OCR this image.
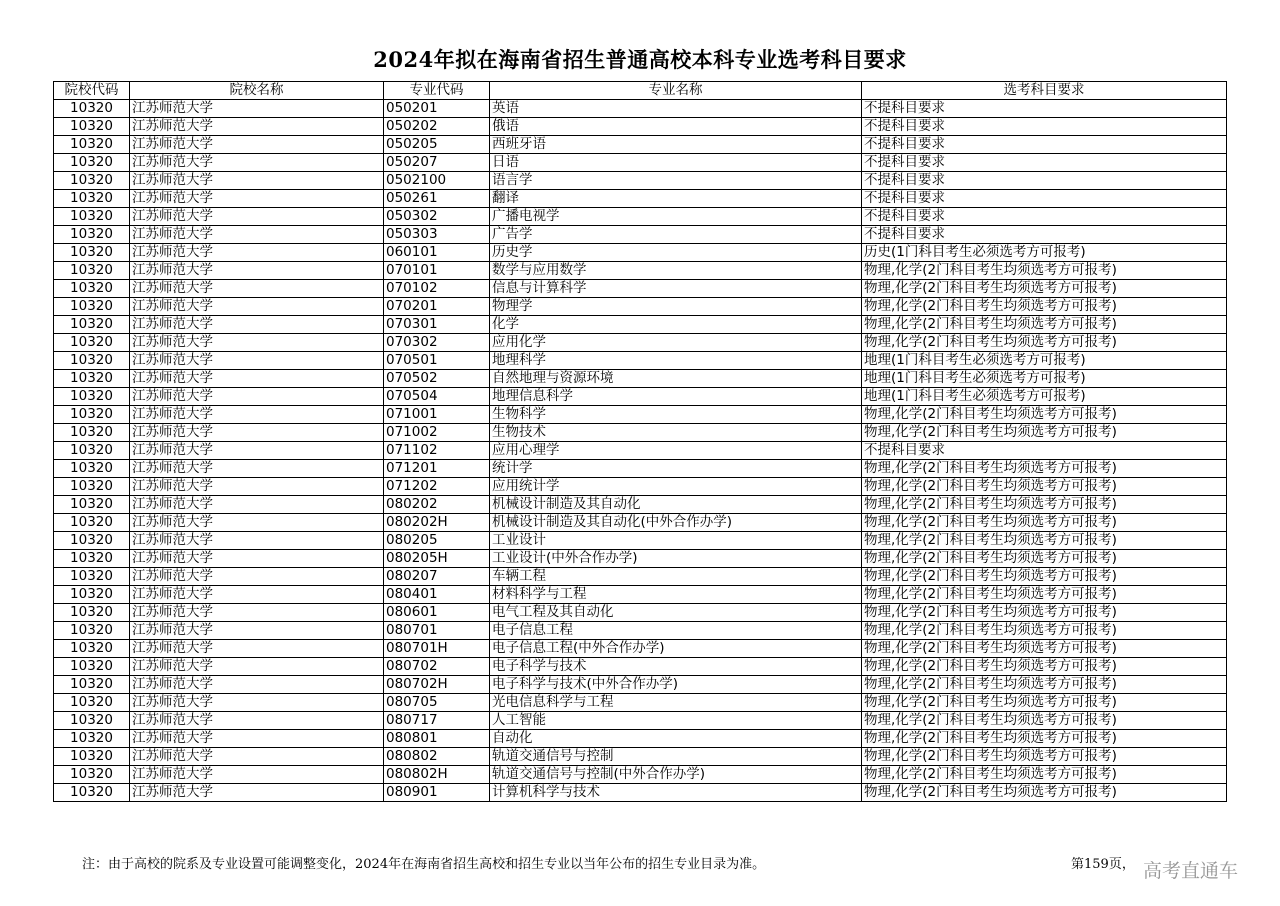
2024年拟在海南省招生普通高校本科专业选考科目要求
院校代码	院校名称	专业代码	专业名称	选考科目要求
10320	江苏师范大学	050201	英语	不提科目要求
10320	江苏师范大学	050202	俄语	不提科目要求
10320	江苏师范大学	050205	西班牙语	不提科目要求
10320	江苏师范大学	050207	日语	不提科目要求
10320	江苏师范大学	0502100	语言学	不提科目要求
10320	江苏师范大学	050261	翻译	不提科目要求
10320	江苏师范大学	050302	广播电视学	不提科目要求
10320	江苏师范大学	050303	广告学	不提科目要求
10320	江苏师范大学	060101	历史学	历史(1门科目考生必须选考方可报考)
10320	江苏师范大学	070101	数学与应用数学	物理,化学(2门科目考生均须选考方可报考)
10320	江苏师范大学	070102	信息与计算科学	物理,化学(2门科目考生均须选考方可报考)
10320	江苏师范大学	070201	物理学	物理,化学(2门科目考生均须选考方可报考)
10320	江苏师范大学	070301	化学	物理,化学(2门科目考生均须选考方可报考)
10320	江苏师范大学	070302	应用化学	物理,化学(2门科目考生均须选考方可报考)
10320	江苏师范大学	070501	地理科学	地理(1门科目考生必须选考方可报考)
10320	江苏师范大学	070502	自然地理与资源环境	地理(1门科目考生必须选考方可报考)
10320	江苏师范大学	070504	地理信息科学	地理(1门科目考生必须选考方可报考)
10320	江苏师范大学	071001	生物科学	物理,化学(2门科目考生均须选考方可报考)
10320	江苏师范大学	071002	生物技术	物理,化学(2门科目考生均须选考方可报考)
10320	江苏师范大学	071102	应用心理学	不提科目要求
10320	江苏师范大学	071201	统计学	物理,化学(2门科目考生均须选考方可报考)
10320	江苏师范大学	071202	应用统计学	物理,化学(2门科目考生均须选考方可报考)
10320	江苏师范大学	080202	机械设计制造及其自动化	物理,化学(2门科目考生均须选考方可报考)
10320	江苏师范大学	080202H	机械设计制造及其自动化(中外合作办学)	物理,化学(2门科目考生均须选考方可报考)
10320	江苏师范大学	080205	工业设计	物理,化学(2门科目考生均须选考方可报考)
10320	江苏师范大学	080205H	工业设计(中外合作办学)	物理,化学(2门科目考生均须选考方可报考)
10320	江苏师范大学	080207	车辆工程	物理,化学(2门科目考生均须选考方可报考)
10320	江苏师范大学	080401	材料科学与工程	物理,化学(2门科目考生均须选考方可报考)
10320	江苏师范大学	080601	电气工程及其自动化	物理,化学(2门科目考生均须选考方可报考)
10320	江苏师范大学	080701	电子信息工程	物理,化学(2门科目考生均须选考方可报考)
10320	江苏师范大学	080701H	电子信息工程(中外合作办学)	物理,化学(2门科目考生均须选考方可报考)
10320	江苏师范大学	080702	电子科学与技术	物理,化学(2门科目考生均须选考方可报考)
10320	江苏师范大学	080702H	电子科学与技术(中外合作办学)	物理,化学(2门科目考生均须选考方可报考)
10320	江苏师范大学	080705	光电信息科学与工程	物理,化学(2门科目考生均须选考方可报考)
10320	江苏师范大学	080717	人工智能	物理,化学(2门科目考生均须选考方可报考)
10320	江苏师范大学	080801	自动化	物理,化学(2门科目考生均须选考方可报考)
10320	江苏师范大学	080802	轨道交通信号与控制	物理,化学(2门科目考生均须选考方可报考)
10320	江苏师范大学	080802H	轨道交通信号与控制(中外合作办学)	物理,化学(2门科目考生均须选考方可报考)
10320	江苏师范大学	080901	计算机科学与技术	物理,化学(2门科目考生均须选考方可报考)
注：由于高校的院系及专业设置可能调整变化，2024年在海南省招生高校和招生专业以当年公布的招生专业目录为准。	第159页， 高考直通车
